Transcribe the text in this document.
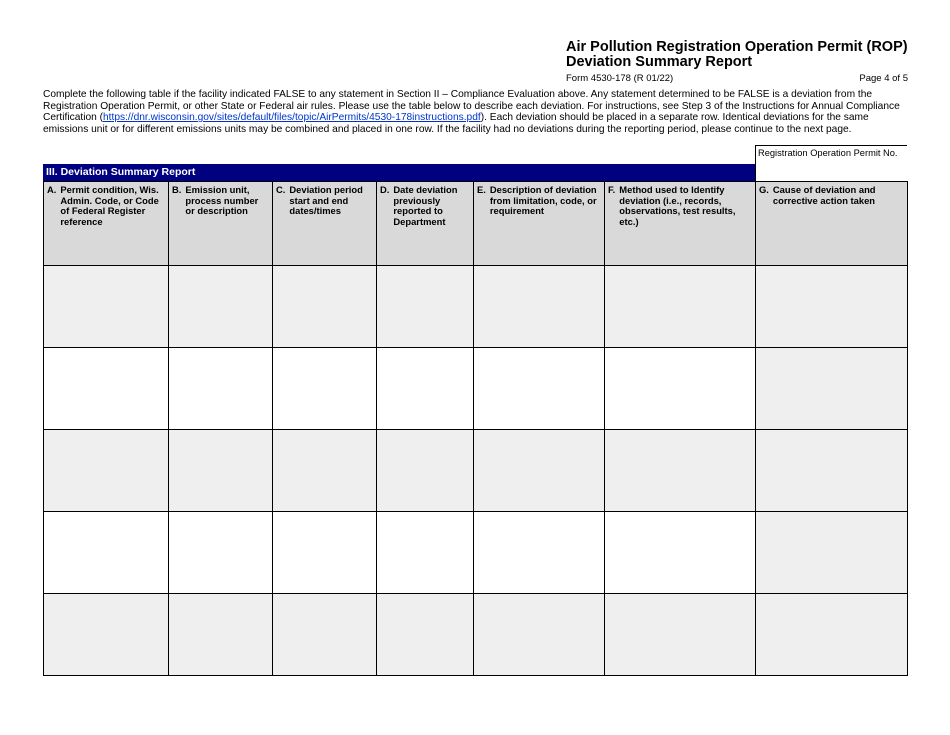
Air Pollution Registration Operation Permit (ROP)
Deviation Summary Report
Form 4530-178 (R 01/22)	Page 4 of 5
Complete the following table if the facility indicated FALSE to any statement in Section II – Compliance Evaluation above. Any statement determined to be FALSE is a deviation from the Registration Operation Permit, or other State or Federal air rules. Please use the table below to describe each deviation. For instructions, see Step 3 of the Instructions for Annual Compliance Certification (https://dnr.wisconsin.gov/sites/default/files/topic/AirPermits/4530-178instructions.pdf). Each deviation should be placed in a separate row. Identical deviations for the same emissions unit or for different emissions units may be combined and placed in one row. If the facility had no deviations during the reporting period, please continue to the next page.
Registration Operation Permit No.
III. Deviation Summary Report
A. Permit condition, Wis. Admin. Code, or Code of Federal Register reference
B. Emission unit, process number or description
C. Deviation period start and end dates/times
D. Date deviation previously reported to Department
E. Description of deviation from limitation, code, or requirement
F. Method used to Identify deviation (i.e., records, observations, test results, etc.)
G. Cause of deviation and corrective action taken
